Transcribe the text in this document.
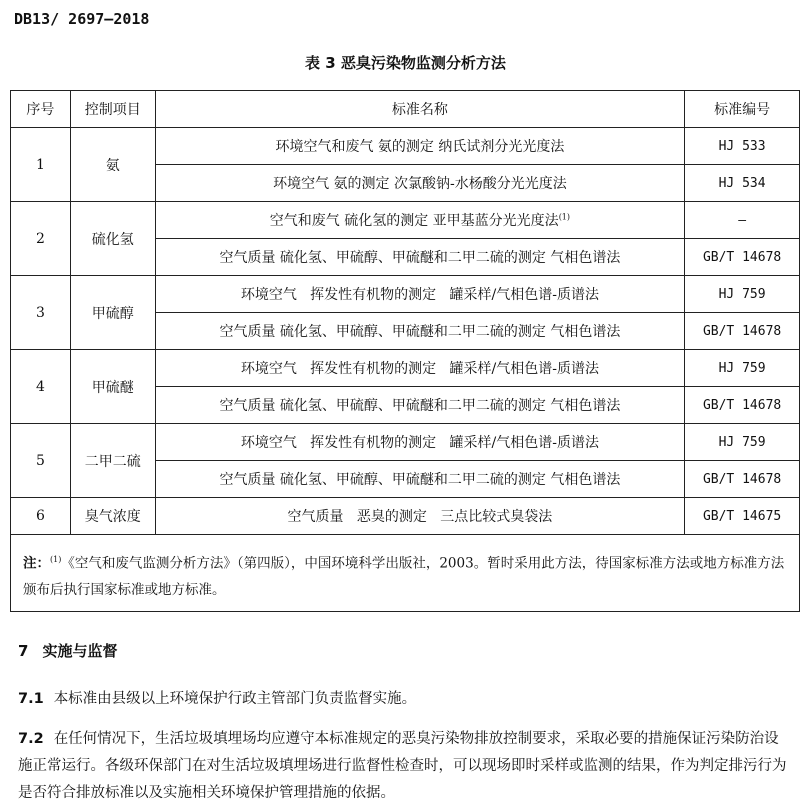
DB13/ 2697—2018
表 3 恶臭污染物监测分析方法
序号	控制项目	标准名称	标准编号
1	氨	环境空气和废气 氨的测定 纳氏试剂分光光度法	HJ 533
		环境空气 氨的测定 次氯酸钠-水杨酸分光光度法	HJ 534
2	硫化氢	空气和废气 硫化氢的测定 亚甲基蓝分光光度法$^{(1)}$	—
		空气质量 硫化氢、甲硫醇、甲硫醚和二甲二硫的测定 气相色谱法	GB/T 14678
3	甲硫醇	环境空气   挥发性有机物的测定   罐采样/气相色谱-质谱法	HJ 759
		空气质量 硫化氢、甲硫醇、甲硫醚和二甲二硫的测定 气相色谱法	GB/T 14678
4	甲硫醚	环境空气   挥发性有机物的测定   罐采样/气相色谱-质谱法	HJ 759
		空气质量 硫化氢、甲硫醇、甲硫醚和二甲二硫的测定 气相色谱法	GB/T 14678
5	二甲二硫	环境空气   挥发性有机物的测定   罐采样/气相色谱-质谱法	HJ 759
		空气质量 硫化氢、甲硫醇、甲硫醚和二甲二硫的测定 气相色谱法	GB/T 14678
6	臭气浓度	空气质量   恶臭的测定   三点比较式臭袋法	GB/T 14675
注：$^{(1)}$《空气和废气监测分析方法》（第四版），中国环境科学出版社，2003。暂时采用此方法，待国家标准方法或地方标准方法颁布后执行国家标准或地方标准。			
7 实施与监督
7.1 本标准由县级以上环境保护行政主管部门负责监督实施。
7.2 在任何情况下，生活垃圾填埋场均应遵守本标准规定的恶臭污染物排放控制要求，采取必要的措施保证污染防治设施正常运行。各级环保部门在对生活垃圾填埋场进行监督性检查时，可以现场即时采样或监测的结果，作为判定排污行为是否符合排放标准以及实施相关环境保护管理措施的依据。
